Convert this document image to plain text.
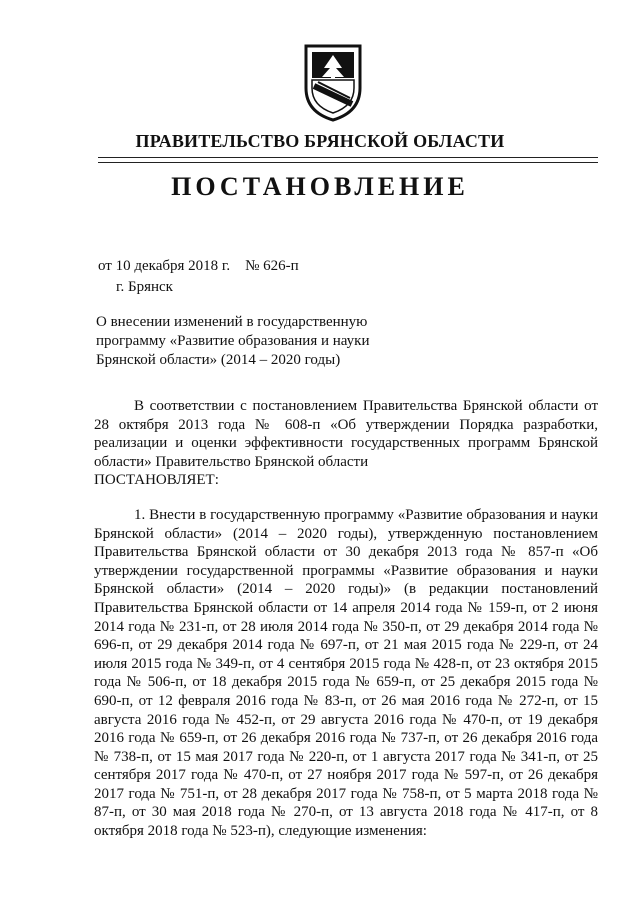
ПРАВИТЕЛЬСТВО БРЯНСКОЙ ОБЛАСТИ
ПОСТАНОВЛЕНИЕ
от 10 декабря 2018 г.    № 626-п
г. Брянск
О внесении изменений в государственную программу «Развитие образования и науки Брянской области» (2014 – 2020 годы)

В соответствии с постановлением Правительства Брянской области от 28 октября 2013 года № 608-п «Об утверждении Порядка разработки, реализации и оценки эффективности государственных программ Брянской области» Правительство Брянской области

ПОСТАНОВЛЯЕТ:

1. Внести в государственную программу «Развитие образования и науки Брянской области» (2014 – 2020 годы), утвержденную постановлением Правительства Брянской области от 30 декабря 2013 года № 857-п «Об утверждении государственной программы «Развитие образования и науки Брянской области» (2014 – 2020 годы)» (в редакции постановлений Правительства Брянской области от 14 апреля 2014 года № 159-п, от 2 июня 2014 года № 231-п, от 28 июля 2014 года № 350-п, от 29 декабря 2014 года № 696-п, от 29 декабря 2014 года № 697-п, от 21 мая 2015 года № 229-п, от 24 июля 2015 года № 349-п, от 4 сентября 2015 года № 428-п, от 23 октября 2015 года № 506-п, от 18 декабря 2015 года № 659-п, от 25 декабря 2015 года № 690-п, от 12 февраля 2016 года № 83-п, от 26 мая 2016 года № 272-п, от 15 августа 2016 года № 452-п, от 29 августа 2016 года № 470-п, от 19 декабря 2016 года № 659-п, от 26 декабря 2016 года № 737-п, от 26 декабря 2016 года № 738-п, от 15 мая 2017 года № 220-п, от 1 августа 2017 года № 341-п, от 25 сентября 2017 года № 470-п, от 27 ноября 2017 года № 597-п, от 26 декабря 2017 года № 751-п, от 28 декабря 2017 года № 758-п, от 5 марта 2018 года № 87-п, от 30 мая 2018 года № 270-п, от 13 августа 2018 года № 417-п, от 8 октября 2018 года № 523-п), следующие изменения:
